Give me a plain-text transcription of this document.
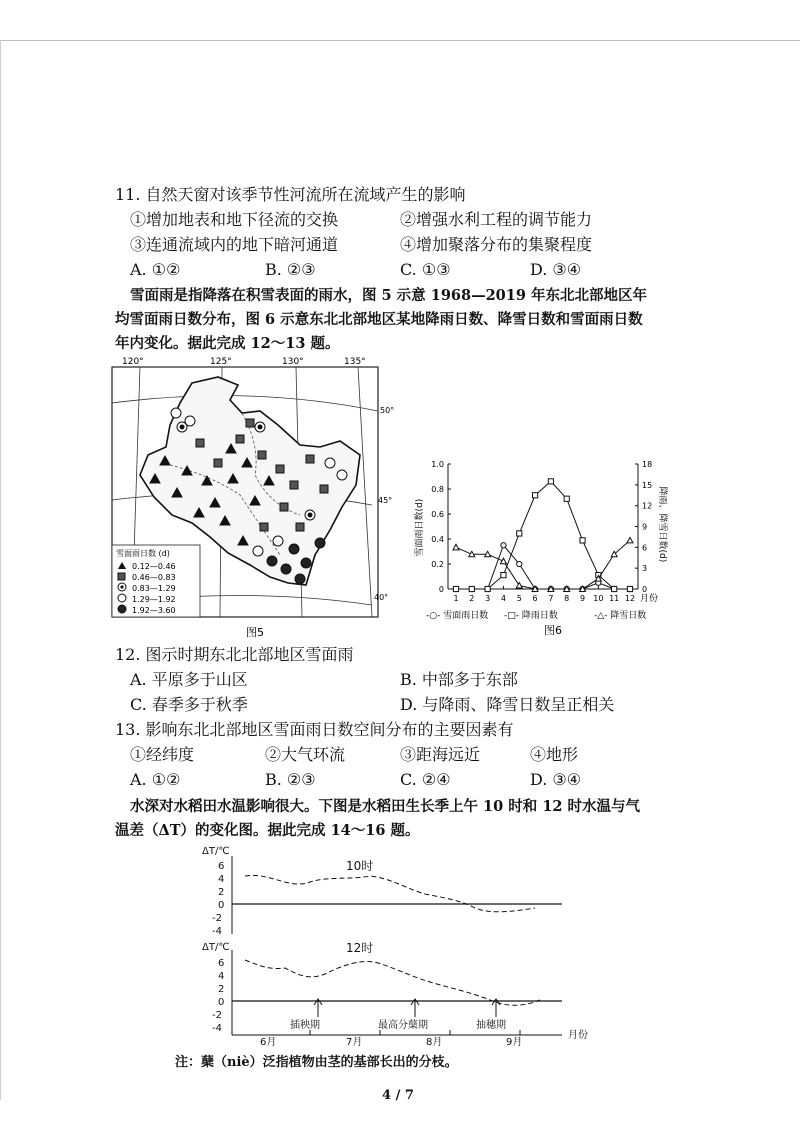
11. 自然天窗对该季节性河流所在流域产生的影响
①增加地表和地下径流的交换	②增强水利工程的调节能力
③连通流域内的地下暗河通道	④增加聚落分布的集聚程度
A. ①②	B. ②③	C. ①③	D. ③④
雪面雨是指降落在积雪表面的雨水，图 5 示意 1968—2019 年东北北部地区年
均雪面雨日数分布，图 6 示意东北北部地区某地降雨日数、降雪日数和雪面雨日数
年内变化。据此完成 12～13 题。
120°	125°	130°	135°
50°
45°
40°
雪面雨日数 (d)
0.12—0.46
0.46—0.83
0.83—1.29
1.29—1.92
1.92—3.60
图5
0
0.2
0.4
0.6
0.8
1.0
0
3
6
9
12
15
18
1 2 3 4 5 6 7 8 9 10 11 12
雪面雨日数(d)	降雨、降雪日数(d)
月份
-○- 雪面雨日数 -□- 降雨日数	-△- 降雪日数
图6
12. 图示时期东北北部地区雪面雨
A. 平原多于山区	B. 中部多于东部
C. 春季多于秋季	D. 与降雨、降雪日数呈正相关
13. 影响东北北部地区雪面雨日数空间分布的主要因素有
①经纬度	②大气环流	③距海远近	④地形
A. ①②	B. ②③	C. ②④	D. ③④
水深对水稻田水温影响很大。下图是水稻田生长季上午 10 时和 12 时水温与气
温差（ΔT）的变化图。据此完成 14～16 题。
ΔT/℃
6
4
2
0
-2
-4
10时
ΔT/℃
6
4
2
0
-2
-4
12时
插秧期	最高分蘖期	抽穗期
6月	7月	8月	9月
月份
注：蘖（niè）泛指植物由茎的基部长出的分枝。
4 / 7
